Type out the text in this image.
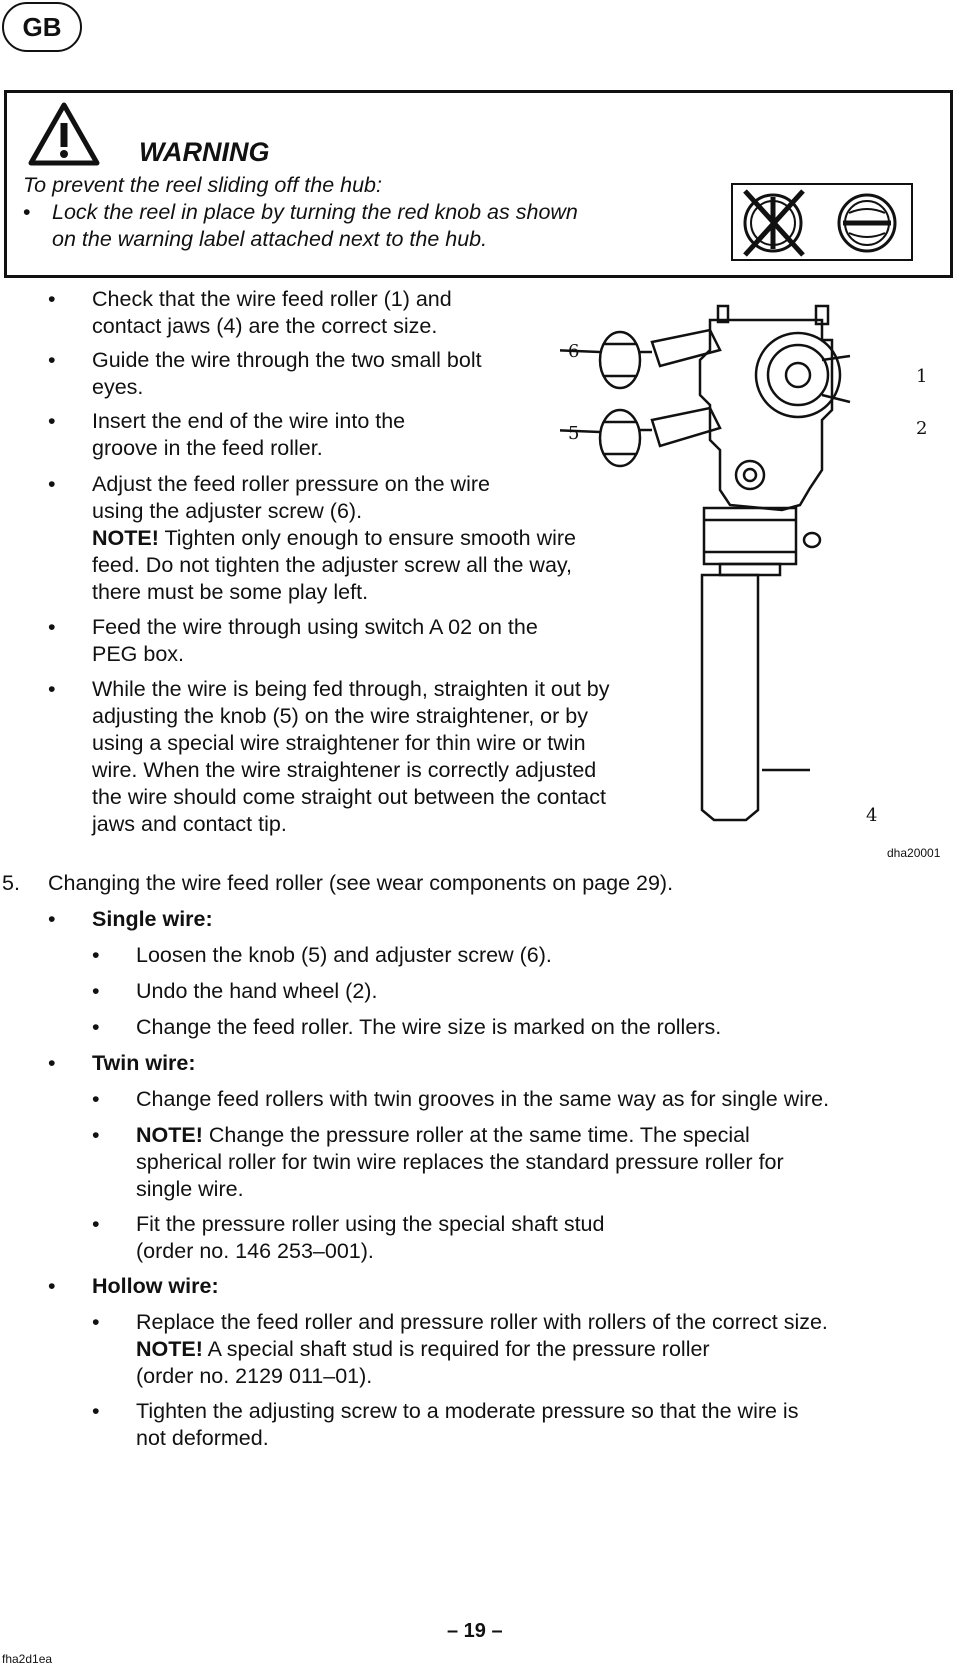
GB
WARNING
To prevent the reel sliding off the hub:
• Lock the reel in place by turning the red knob as shown
on the warning label attached next to the hub.
• Check that the wire feed roller (1) and
contact jaws (4) are the correct size.
• Guide the wire through the two small bolt
eyes.
• Insert the end of the wire into the
groove in the feed roller.
• Adjust the feed roller pressure on the wire
using the adjuster screw (6).
NOTE! Tighten only enough to ensure smooth wire
feed. Do not tighten the adjuster screw all the way,
there must be some play left.
• Feed the wire through using switch A 02 on the
PEG box.
• While the wire is being fed through, straighten it out by
adjusting the knob (5) on the wire straightener, or by
using a special wire straightener for thin wire or twin
wire. When the wire straightener is correctly adjusted
the wire should come straight out between the contact
jaws and contact tip.
6
5
1
2
4
dha20001
5. Changing the wire feed roller (see wear components on page 29).
• Single wire:
• Loosen the knob (5) and adjuster screw (6).
• Undo the hand wheel (2).
• Change the feed roller. The wire size is marked on the rollers.
• Twin wire:
• Change feed rollers with twin grooves in the same way as for single wire.
• NOTE! Change the pressure roller at the same time. The special
spherical roller for twin wire replaces the standard pressure roller for
single wire.
• Fit the pressure roller using the special shaft stud
(order no. 146 253–001).
• Hollow wire:
• Replace the feed roller and pressure roller with rollers of the correct size.
NOTE! A special shaft stud is required for the pressure roller
(order no. 2129 011–01).
• Tighten the adjusting screw to a moderate pressure so that the wire is
not deformed.
– 19 –
fha2d1ea
